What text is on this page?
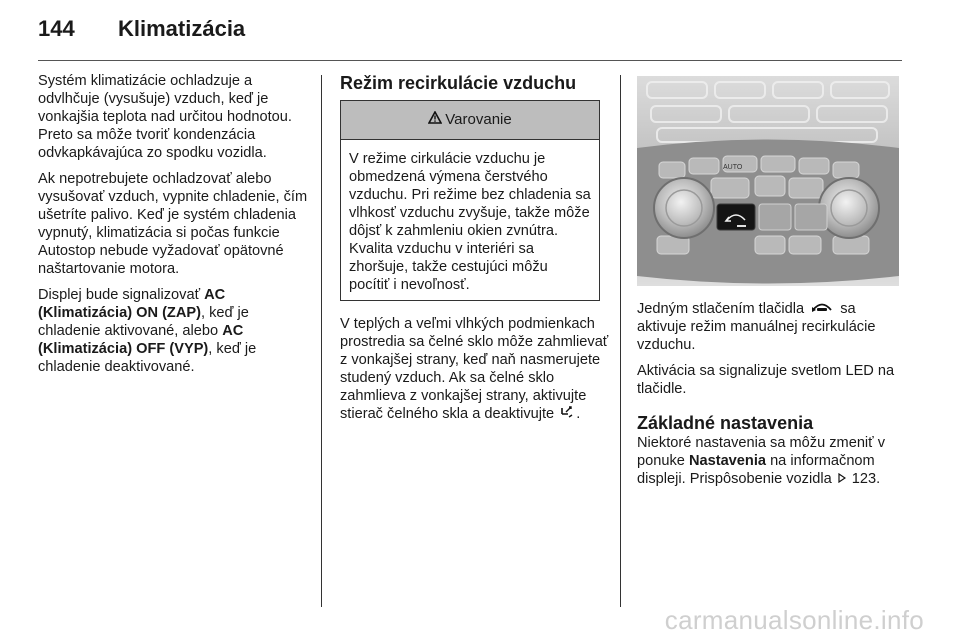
144	Klimatizácia

Systém klimatizácie ochladzuje a odvlhčuje (vysušuje) vzduch, keď je vonkajšia teplota nad určitou hodnotou. Preto sa môže tvoriť kondenzácia odvkapkávajúca zo spodku vozidla.

Ak nepotrebujete ochladzovať alebo vysušovať vzduch, vypnite chladenie, čím ušetríte palivo. Keď je systém chladenia vypnutý, klimatizácia si počas funkcie Autostop nebude vyžadovať opätovné naštartovanie motora.

Displej bude signalizovať AC (Klimatizácia) ON (ZAP), keď je chladenie aktivované, alebo AC (Klimatizácia) OFF (VYP), keď je chladenie deaktivované.

Režim recirkulácie vzduchu
Varovanie
V režime cirkulácie vzduchu je obmedzená výmena čerstvého vzduchu. Pri režime bez chladenia sa vlhkosť vzduchu zvyšuje, takže môže dôjsť k zahmleniu okien zvnútra. Kvalita vzduchu v interiéri sa zhoršuje, takže cestujúci môžu pocítiť i nevoľnosť.

V teplých a veľmi vlhkých podmienkach prostredia sa čelné sklo môže zahmlievať z vonkajšej strany, keď naň nasmerujete studený vzduch. Ak sa čelné sklo zahmlieva z vonkajšej strany, aktivujte stierač čelného skla a deaktivujte .

AUTO

Jedným stlačením tlačidla  sa aktivuje režim manuálnej recirkulácie vzduchu.

Aktivácia sa signalizuje svetlom LED na tlačidle.

Základné nastavenia

Niektoré nastavenia sa môžu zmeniť v ponuke Nastavenia na informačnom displeji. Prispôsobenie vozidla  123.

carmanualsonline.info
